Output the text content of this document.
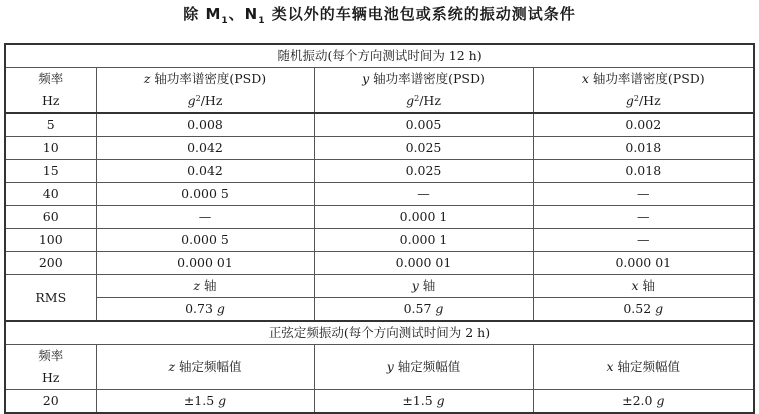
除 $M_1$、$N_1$ 类以外的车辆电池包或系统的振动测试条件
随机振动(每个方向测试时间为 12 h)			
频率	z 轴功率谱密度(PSD)	y 轴功率谱密度(PSD)	x 轴功率谱密度(PSD)
Hz	$g^2/Hz$	$g^2/Hz$	$g^2/Hz$
5	0.008	0.005	0.002
10	0.042	0.025	0.018
15	0.042	0.025	0.018
40	0.000 5	—	—
60	—	0.000 1	—
100	0.000 5	0.000 1	—
200	0.000 01	0.000 01	0.000 01
RMS	z 轴	y 轴	x 轴
	0.73 g	0.57 g	0.52 g
正弦定频振动(每个方向测试时间为 2 h)			
频率	z 轴定频幅值	y 轴定频幅值	x 轴定频幅值
Hz			
20	±1.5 g	±1.5 g	±2.0 g
